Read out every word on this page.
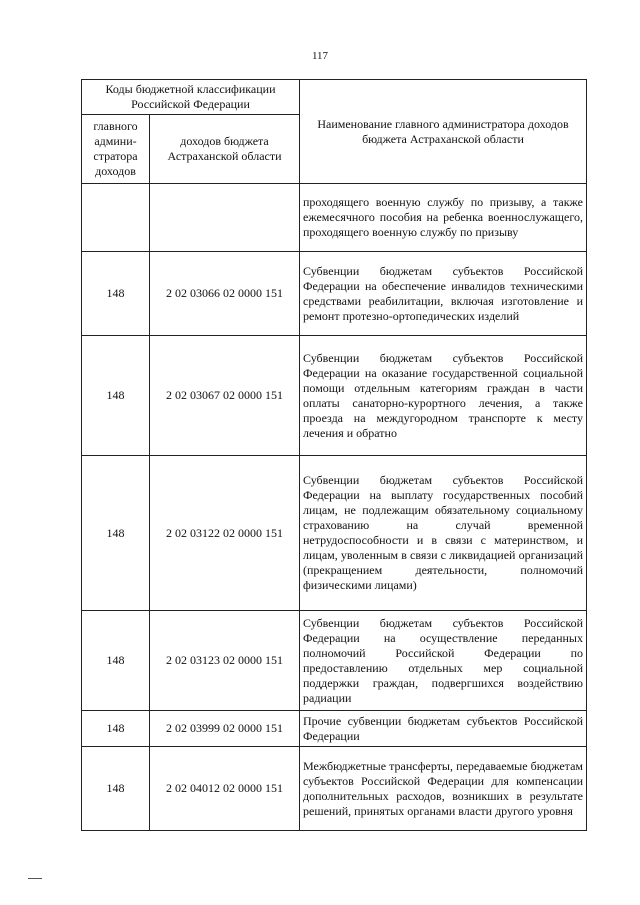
117
Коды бюджетной классификации Российской Федерации		Наименование главного администратора доходов бюджета Астраханской области
главного админи-стратора доходов	доходов бюджета Астраханской области	
		проходящего военную службу по призыву, а также ежемесячного пособия на ребенка военнослужащего, проходящего военную службу по призыву
148	2 02 03066 02 0000 151	Субвенции бюджетам субъектов Российской Федерации на обеспечение инвалидов техническими средствами реабилитации, включая изготовление и ремонт протезно-ортопедических изделий
148	2 02 03067 02 0000 151	Субвенции бюджетам субъектов Российской Федерации на оказание государственной социальной помощи отдельным категориям граждан в части оплаты санаторно-курортного лечения, а также проезда на междугородном транспорте к месту лечения и обратно
148	2 02 03122 02 0000 151	Субвенции бюджетам субъектов Российской Федерации на выплату государственных пособий лицам, не подлежащим обязательному социальному страхованию на случай временной нетрудоспособности и в связи с материнством, и лицам, уволенным в связи с ликвидацией организаций (прекращением деятельности, полномочий физическими лицами)
148	2 02 03123 02 0000 151	Субвенции бюджетам субъектов Российской Федерации на осуществление переданных полномочий Российской Федерации по предоставлению отдельных мер социальной поддержки граждан, подвергшихся воздействию радиации
148	2 02 03999 02 0000 151	Прочие субвенции бюджетам субъектов Российской Федерации
148	2 02 04012 02 0000 151	Межбюджетные трансферты, передаваемые бюджетам субъектов Российской Федерации для компенсации дополнительных расходов, возникших в результате решений, принятых органами власти другого уровня
